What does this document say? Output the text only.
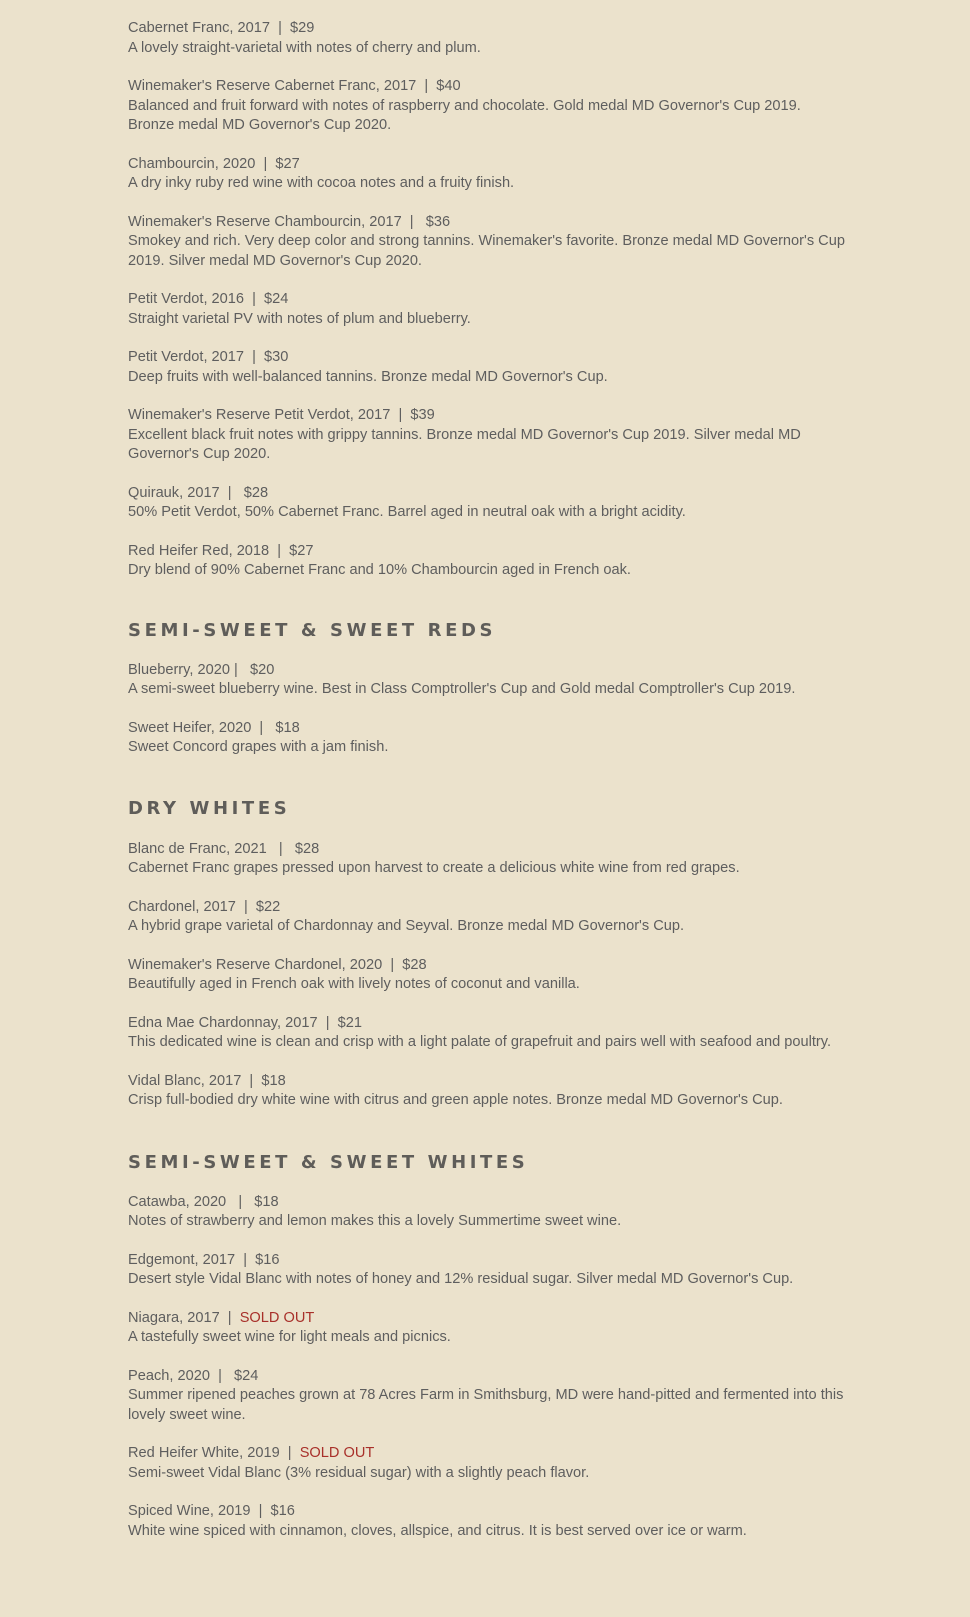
Cabernet Franc, 2017  |  $29
A lovely straight-varietal with notes of cherry and plum.
Winemaker's Reserve Cabernet Franc, 2017  |  $40
Balanced and fruit forward with notes of raspberry and chocolate. Gold medal MD Governor's Cup 2019. Bronze medal MD Governor's Cup 2020.
Chambourcin, 2020  |  $27
A dry inky ruby red wine with cocoa notes and a fruity finish.
Winemaker's Reserve Chambourcin, 2017  |   $36
Smokey and rich. Very deep color and strong tannins. Winemaker's favorite. Bronze medal MD Governor's Cup 2019. Silver medal MD Governor's Cup 2020.
Petit Verdot, 2016  |  $24
Straight varietal PV with notes of plum and blueberry.
Petit Verdot, 2017  |  $30
Deep fruits with well-balanced tannins. Bronze medal MD Governor's Cup.
Winemaker's Reserve Petit Verdot, 2017  |  $39
Excellent black fruit notes with grippy tannins. Bronze medal MD Governor's Cup 2019. Silver medal MD Governor's Cup 2020.
Quirauk, 2017  |   $28
50% Petit Verdot, 50% Cabernet Franc. Barrel aged in neutral oak with a bright acidity.
Red Heifer Red, 2018  |  $27
Dry blend of 90% Cabernet Franc and 10% Chambourcin aged in French oak.
SEMI-SWEET & SWEET REDS
Blueberry, 2020 |   $20
A semi-sweet blueberry wine. Best in Class Comptroller's Cup and Gold medal Comptroller's Cup 2019.
Sweet Heifer, 2020  |   $18
Sweet Concord grapes with a jam finish.
DRY WHITES
Blanc de Franc, 2021   |   $28
Cabernet Franc grapes pressed upon harvest to create a delicious white wine from red grapes.
Chardonel, 2017  |  $22
A hybrid grape varietal of Chardonnay and Seyval. Bronze medal MD Governor's Cup.
Winemaker's Reserve Chardonel, 2020  |  $28
Beautifully aged in French oak with lively notes of coconut and vanilla.
Edna Mae Chardonnay, 2017  |  $21
This dedicated wine is clean and crisp with a light palate of grapefruit and pairs well with seafood and poultry.
Vidal Blanc, 2017  |  $18
Crisp full-bodied dry white wine with citrus and green apple notes. Bronze medal MD Governor's Cup.
SEMI-SWEET & SWEET WHITES
Catawba, 2020   |   $18
Notes of strawberry and lemon makes this a lovely Summertime sweet wine.
Edgemont, 2017  |  $16
Desert style Vidal Blanc with notes of honey and 12% residual sugar. Silver medal MD Governor's Cup.
Niagara, 2017  |  SOLD OUT
A tastefully sweet wine for light meals and picnics.
Peach, 2020  |   $24
Summer ripened peaches grown at 78 Acres Farm in Smithsburg, MD were hand-pitted and fermented into this lovely sweet wine.
Red Heifer White, 2019  |  SOLD OUT
Semi-sweet Vidal Blanc (3% residual sugar) with a slightly peach flavor.
Spiced Wine, 2019  |  $16
White wine spiced with cinnamon, cloves, allspice, and citrus. It is best served over ice or warm.
